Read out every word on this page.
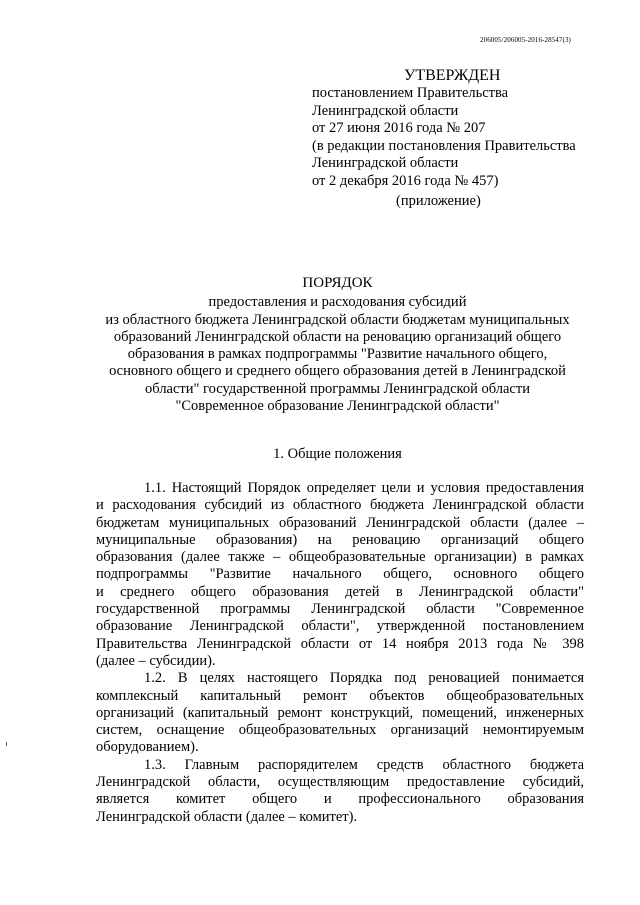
206005/206005-2016-28547(3)
УТВЕРЖДЕН
постановлением Правительства
Ленинградской области
от 27 июня 2016 года № 207
(в редакции постановления Правительства
Ленинградской области
от 2 декабря 2016 года № 457)
(приложение)
ПОРЯДОК
предоставления и расходования субсидий
из областного бюджета Ленинградской области бюджетам муниципальных
образований Ленинградской области на реновацию организаций общего
образования в рамках подпрограммы "Развитие начального общего,
основного общего и среднего общего образования детей в Ленинградской
области" государственной программы Ленинградской области
"Современное образование Ленинградской области"
1. Общие положения
1.1. Настоящий Порядок определяет цели и условия предоставления
и расходования субсидий из областного бюджета Ленинградской области
бюджетам муниципальных образований Ленинградской области (далее –
муниципальные образования) на реновацию организаций общего
образования (далее также – общеобразовательные организации) в рамках
подпрограммы "Развитие начального общего, основного общего
и среднего общего образования детей в Ленинградской области"
государственной программы Ленинградской области "Современное
образование Ленинградской области", утвержденной постановлением
Правительства Ленинградской области от 14 ноября 2013 года № 398
(далее – субсидии).
1.2. В целях настоящего Порядка под реновацией понимается
комплексный капитальный ремонт объектов общеобразовательных
организаций (капитальный ремонт конструкций, помещений, инженерных
систем, оснащение общеобразовательных организаций немонтируемым
оборудованием).
1.3. Главным распорядителем средств областного бюджета
Ленинградской области, осуществляющим предоставление субсидий,
является комитет общего и профессионального образования
Ленинградской области (далее – комитет).
